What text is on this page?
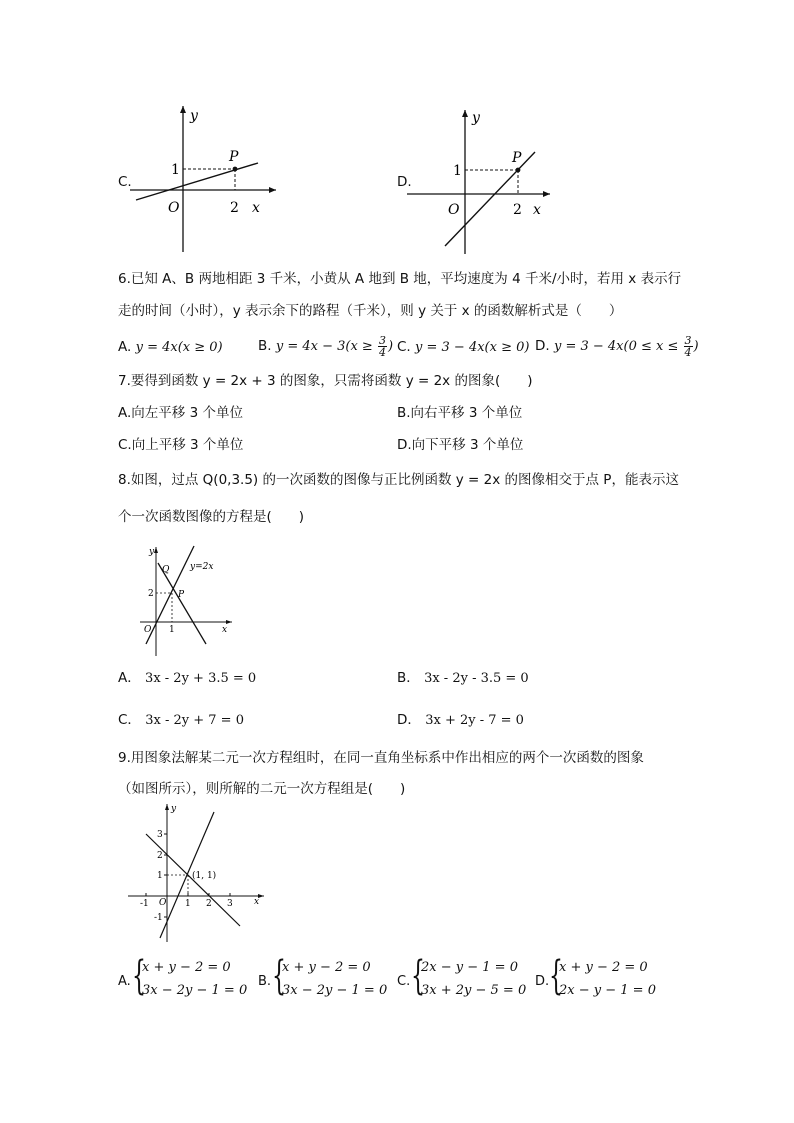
C.
y
x
O
1
2
P
D.
y
x
O
1
2
P
6.已知 A、B 两地相距 3 千米，小黄从 A 地到 B 地，平均速度为 4 千米/小时，若用 x 表示行
走的时间（小时），y 表示余下的路程（千米），则 y 关于 x 的函数解析式是（　　）
A. y = 4x(x ≥ 0)	B. $y = 4x - 3(x \ge \frac{3}{4}$ ) C. y = 3 − 4x(x ≥ 0) D. $y = 3 - 4x(0 \le x \le \frac{3}{4}$ )
7.要得到函数 y = 2x + 3 的图象，只需将函数 y = 2x 的图象(　　)
A.向左平移 3 个单位	B.向右平移 3 个单位
C.向上平移 3 个单位	D.向下平移 3 个单位
8.如图，过点 Q(0,3.5) 的一次函数的图像与正比例函数 y = 2x 的图像相交于点 P，能表示这
个一次函数图像的方程是(　　)
y
x
O
Q
P
2
1
y=2x
A． 3x - 2y + 3.5 = 0	B． 3x - 2y - 3.5 = 0
C． 3x - 2y + 7 = 0	D． 3x + 2y - 7 = 0
9.用图象法解某二元一次方程组时，在同一直角坐标系中作出相应的两个一次函数的图象
（如图所示），则所解的二元一次方程组是(　　)
y
x
O
(1, 1)
3
2
1
-1
-1	1 2 3
A. {
x + y − 2 = 0
3x − 2y − 1 = 0
B. {
x + y − 2 = 0
3x − 2y − 1 = 0
C. {
2x − y − 1 = 0
3x + 2y − 5 = 0
D. {
x + y − 2 = 0
2x − y − 1 = 0
